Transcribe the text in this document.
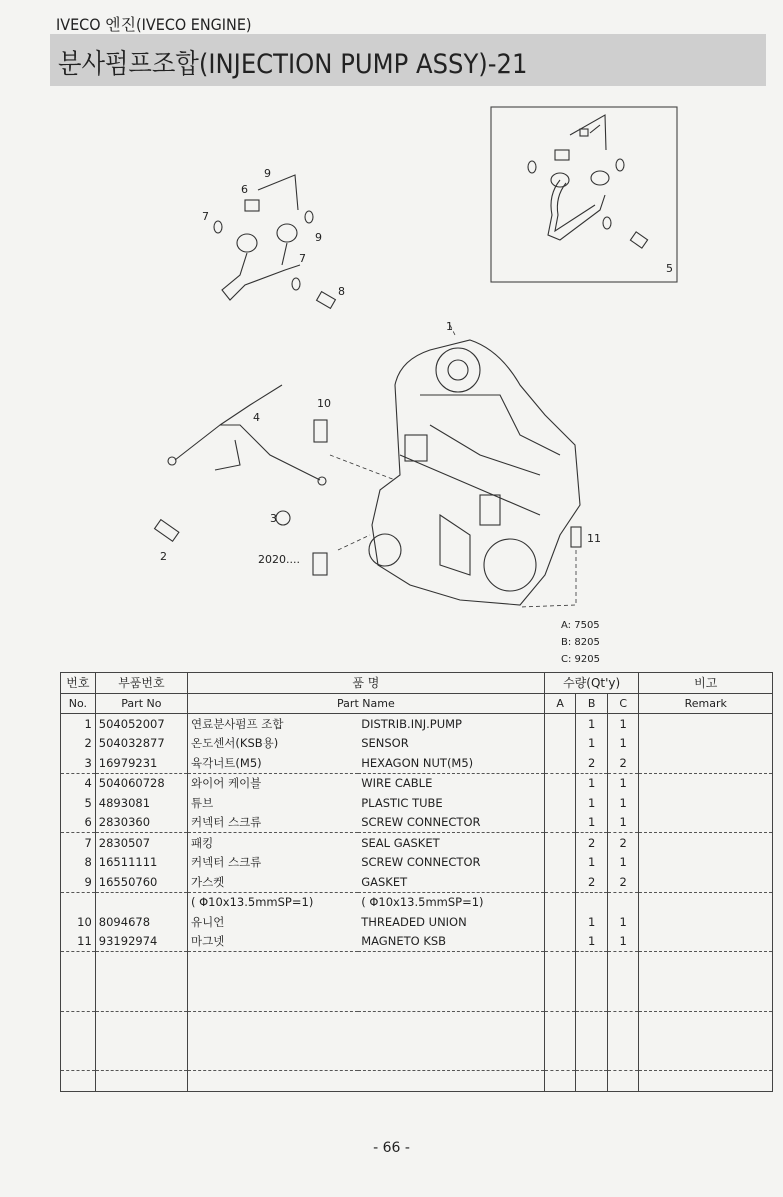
IVECO 엔진(IVECO ENGINE)
분사펌프조합(INJECTION PUMP ASSY)-21
1
2
3
4
5
6
7
7
8
9
9
10
11
2020....
A: 7505
B: 8205
C: 9205
번호	부품번호	품 명		수량(Qt'y)			비고
No.	Part No	Part Name		A	B	C	Remark
1	504052007	연료분사펌프 조합	DISTRIB.INJ.PUMP		1	1	
2	504032877	온도센서(KSB용)	SENSOR		1	1	
3	16979231	육각너트(M5)	HEXAGON NUT(M5)		2	2	
4	504060728	와이어 케이블	WIRE CABLE		1	1	
5	4893081	튜브	PLASTIC TUBE		1	1	
6	2830360	커넥터 스크류	SCREW CONNECTOR		1	1	
7	2830507	패킹	SEAL GASKET		2	2	
8	16511111	커넥터 스크류	SCREW CONNECTOR		1	1	
9	16550760	가스켓	GASKET		2	2	
		( Φ10x13.5mmSP=1)	( Φ10x13.5mmSP=1)				
10	8094678	유니언	THREADED UNION		1	1	
11	93192974	마그넷	MAGNETO KSB		1	1	

- 66 -
